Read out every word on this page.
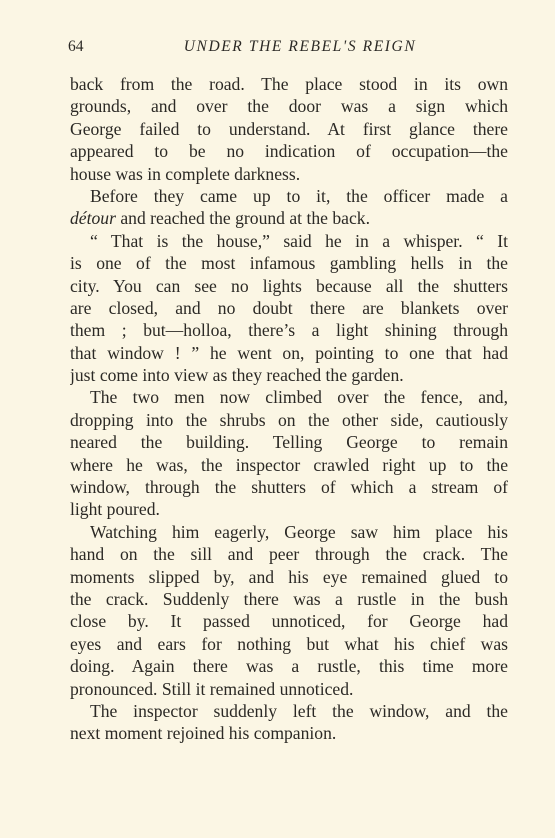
64	UNDER THE REBEL'S REIGN
back from the road. The place stood in its own
grounds, and over the door was a sign which
George failed to understand. At first glance there
appeared to be no indication of occupation—the
house was in complete darkness.
Before they came up to it, the officer made a
détour and reached the ground at the back.
“ That is the house,” said he in a whisper. “ It
is one of the most infamous gambling hells in the
city. You can see no lights because all the shutters
are closed, and no doubt there are blankets over
them ; but—holloa, there’s a light shining through
that window ! ” he went on, pointing to one that had
just come into view as they reached the garden.
The two men now climbed over the fence, and,
dropping into the shrubs on the other side, cautiously
neared the building. Telling George to remain
where he was, the inspector crawled right up to the
window, through the shutters of which a stream of
light poured.
Watching him eagerly, George saw him place his
hand on the sill and peer through the crack. The
moments slipped by, and his eye remained glued to
the crack. Suddenly there was a rustle in the bush
close by. It passed unnoticed, for George had
eyes and ears for nothing but what his chief was
doing. Again there was a rustle, this time more
pronounced. Still it remained unnoticed.
The inspector suddenly left the window, and the
next moment rejoined his companion.
